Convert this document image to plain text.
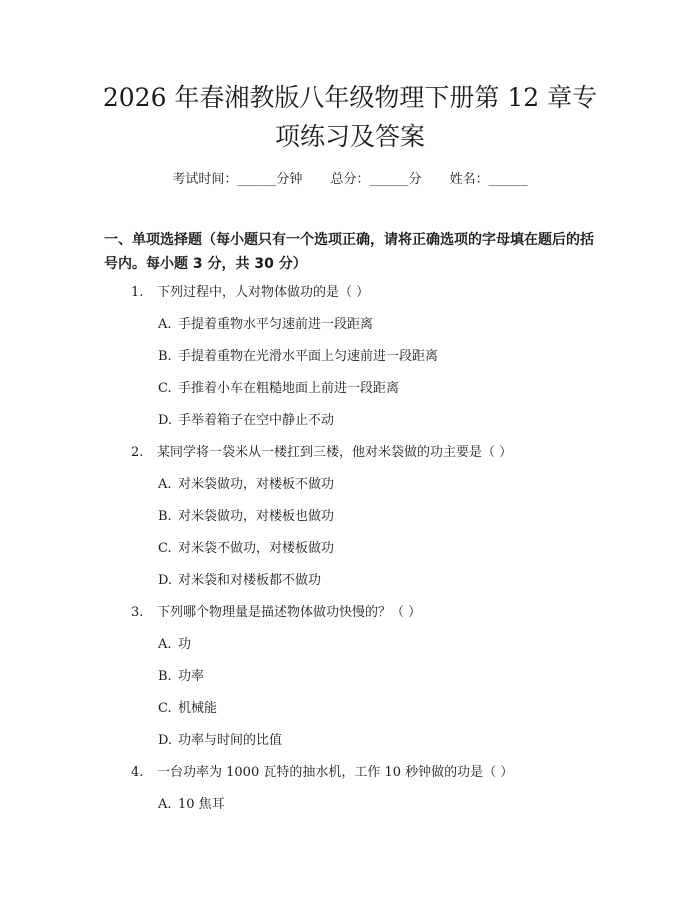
2026 年春湘教版八年级物理下册第 12 章专
项练习及答案
考试时间：______分钟 总分：______分 姓名：______

一、单项选择题（每小题只有一个选项正确，请将正确选项的字母填在题后的括号内。每小题 3 分，共 30 分）

1. 下列过程中，人对物体做功的是（ ）
A. 手提着重物水平匀速前进一段距离
B. 手提着重物在光滑水平面上匀速前进一段距离
C. 手推着小车在粗糙地面上前进一段距离
D. 手举着箱子在空中静止不动
2. 某同学将一袋米从一楼扛到三楼，他对米袋做的功主要是（ ）
A. 对米袋做功，对楼板不做功
B. 对米袋做功，对楼板也做功
C. 对米袋不做功，对楼板做功
D. 对米袋和对楼板都不做功
3. 下列哪个物理量是描述物体做功快慢的？（ ）
A. 功
B. 功率
C. 机械能
D. 功率与时间的比值
4. 一台功率为 1000 瓦特的抽水机，工作 10 秒钟做的功是（ ）
A. 10 焦耳
